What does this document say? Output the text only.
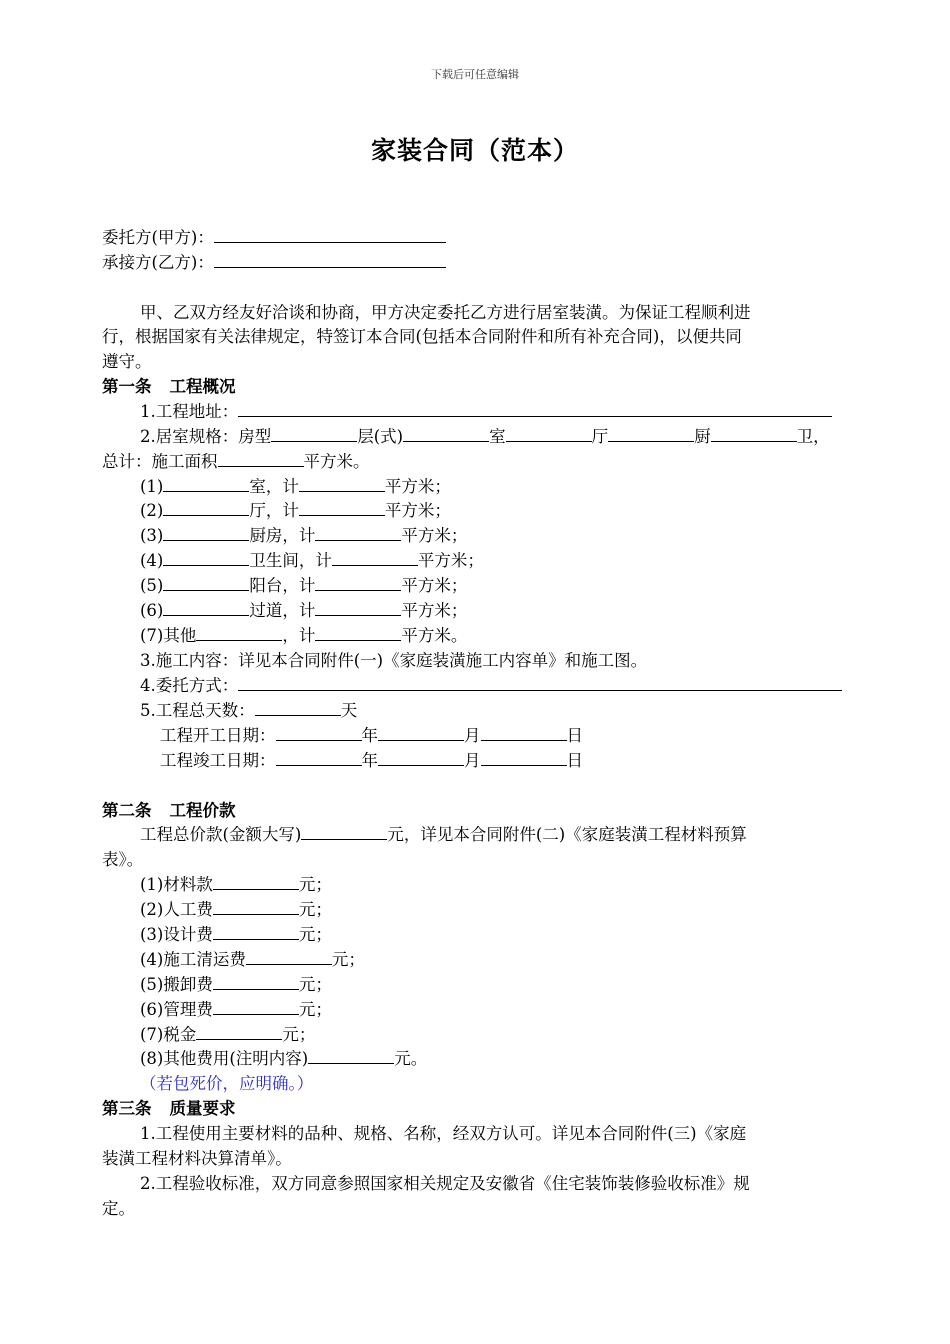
下载后可任意编辑
家装合同（范本）
委托方(甲方)：
承接方(乙方)：
甲、乙双方经友好洽谈和协商，甲方决定委托乙方进行居室装潢。为保证工程顺利进
行，根据国家有关法律规定，特签订本合同(包括本合同附件和所有补充合同)，以便共同
遵守。
第一条 工程概况
1.工程地址：
2.居室规格：房型	层(式)	室	厅	厨	卫，
总计：施工面积	平方米。
(1)	室，计	平方米；
(2)	厅，计	平方米；
(3)	厨房，计	平方米；
(4)	卫生间，计	平方米；
(5)	阳台，计	平方米；
(6)	过道，计	平方米；
(7)其他	，计	平方米。
3.施工内容：详见本合同附件(一)《家庭装潢施工内容单》和施工图。
4.委托方式：
5.工程总天数：	天
工程开工日期：	年	月	日
工程竣工日期：	年	月	日
第二条 工程价款
工程总价款(金额大写)	元，详见本合同附件(二)《家庭装潢工程材料预算
表》。
(1)材料款	元；
(2)人工费	元；
(3)设计费	元；
(4)施工清运费	元；
(5)搬卸费	元；
(6)管理费	元；
(7)税金	元；
(8)其他费用(注明内容)	元。
（若包死价，应明确。）
第三条 质量要求
1.工程使用主要材料的品种、规格、名称，经双方认可。详见本合同附件(三)《家庭
装潢工程材料决算清单》。
2.工程验收标准，双方同意参照国家相关规定及安徽省《住宅装饰装修验收标准》规
定。
